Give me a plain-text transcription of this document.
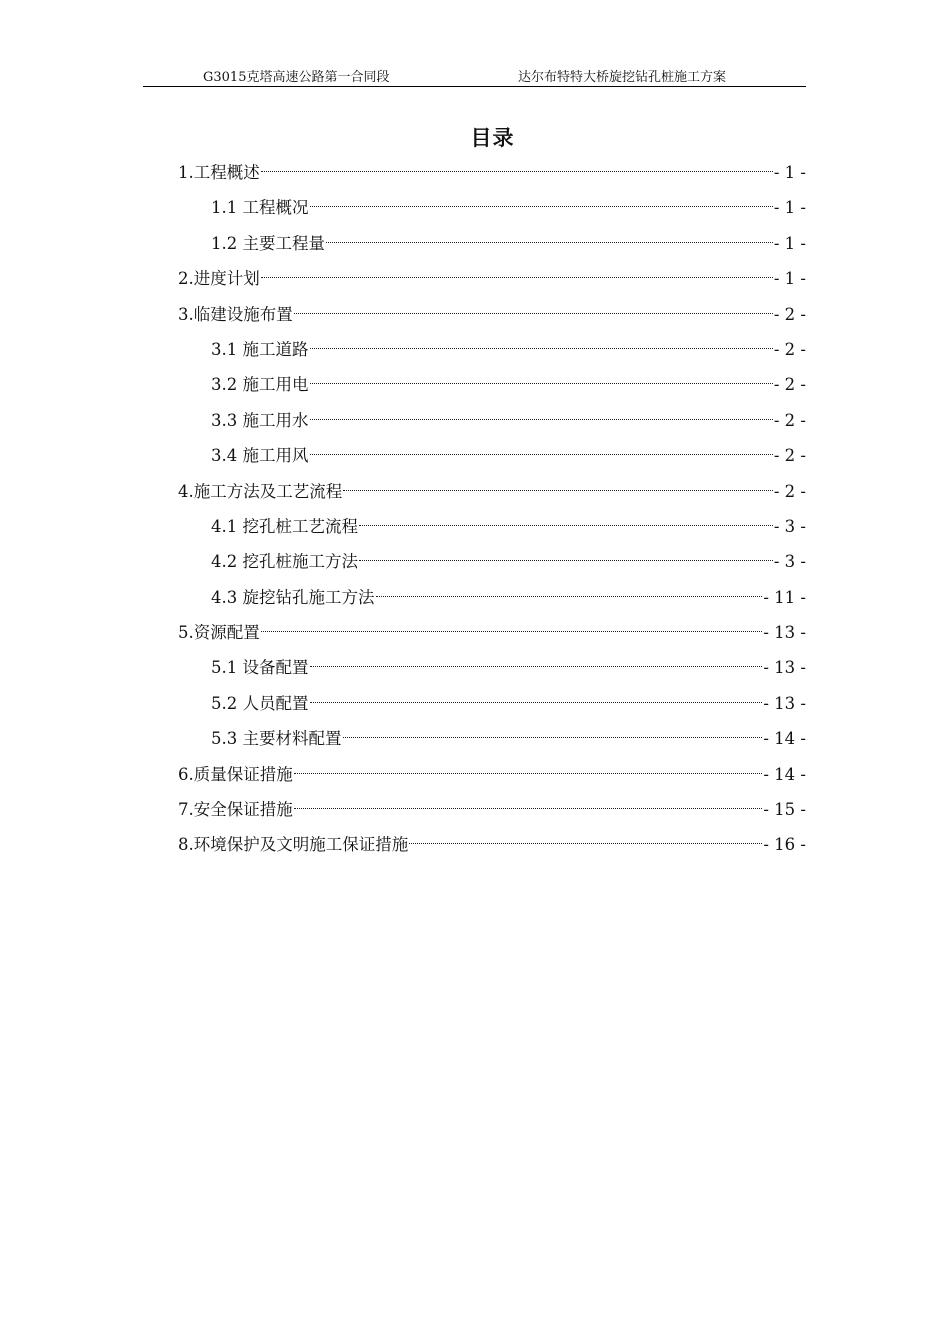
G3015克塔高速公路第一合同段	达尔布特特大桥旋挖钻孔桩施工方案
目录
1.工程概述	- 1 -
1.1 工程概况	- 1 -
1.2 主要工程量	- 1 -
2.进度计划	- 1 -
3.临建设施布置	- 2 -
3.1 施工道路	- 2 -
3.2 施工用电	- 2 -
3.3 施工用水	- 2 -
3.4 施工用风	- 2 -
4.施工方法及工艺流程	- 2 -
4.1 挖孔桩工艺流程	- 3 -
4.2 挖孔桩施工方法	- 3 -
4.3 旋挖钻孔施工方法	- 11 -
5.资源配置	- 13 -
5.1 设备配置	- 13 -
5.2 人员配置	- 13 -
5.3 主要材料配置	- 14 -
6.质量保证措施	- 14 -
7.安全保证措施	- 15 -
8.环境保护及文明施工保证措施	- 16 -
